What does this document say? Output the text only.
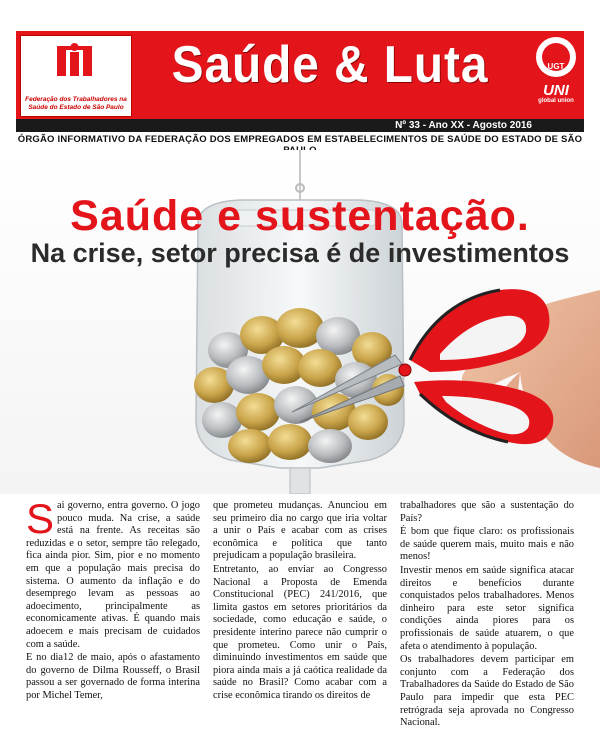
Federação dos Trabalhadores na Saúde do Estado de São Paulo
Saúde & Luta	UGT
UNI
global union
Nº 33 - Ano XX - Agosto 2016
ÓRGÃO INFORMATIVO DA FEDERAÇÃO DOS EMPREGADOS EM ESTABELECIMENTOS DE SAÚDE DO ESTADO DE SÃO
Saúde e sustentação.
Na crise, setor precisa é de investimentos

Sai governo, entra governo. O jogo pouco muda. Na crise, a saúde está na frente. As receitas são reduzidas e o setor, sempre tão relegado, fica ainda pior. Sim, pior e no momento em que a população mais precisa do sistema. O aumento da inflação e do desemprego levam as pessoas ao adoecimento, principalmente as economicamente ativas. É quando mais adoecem e mais precisam de cuidados com a saúde.

E no dia12 de maio, após o afastamento do governo de Dilma Rousseff, o Brasil passou a ser governado de forma interina por Michel Temer,

que prometeu mudanças. Anunciou em seu primeiro dia no cargo que iria voltar a unir o País e acabar com as crises econômica e política que tanto prejudicam a população brasileira.

Entretanto, ao enviar ao Congresso Nacional a Proposta de Emenda Constitucional (PEC) 241/2016, que limita gastos em setores prioritários da sociedade, como educação e saúde, o presidente interino parece não cumprir o que prometeu. Como unir o País, diminuindo investimentos em saúde que piora ainda mais a já caótica realidade da saúde no Brasil? Como acabar com a crise econômica tirando os direitos de

trabalhadores que são a sustentação do País?

É bom que fique claro: os profissionais de saúde querem mais, muito mais e não menos!

Investir menos em saúde significa atacar direitos e benefícios durante conquistados pelos trabalhadores. Menos dinheiro para este setor significa condições ainda piores para os profissionais de saúde atuarem, o que afeta o atendimento à população.

Os trabalhadores devem participar em conjunto com a Federação dos Trabalhadores da Saúde do Estado de São Paulo para impedir que esta PEC retrógrada seja aprovada no Congresso Nacional.
